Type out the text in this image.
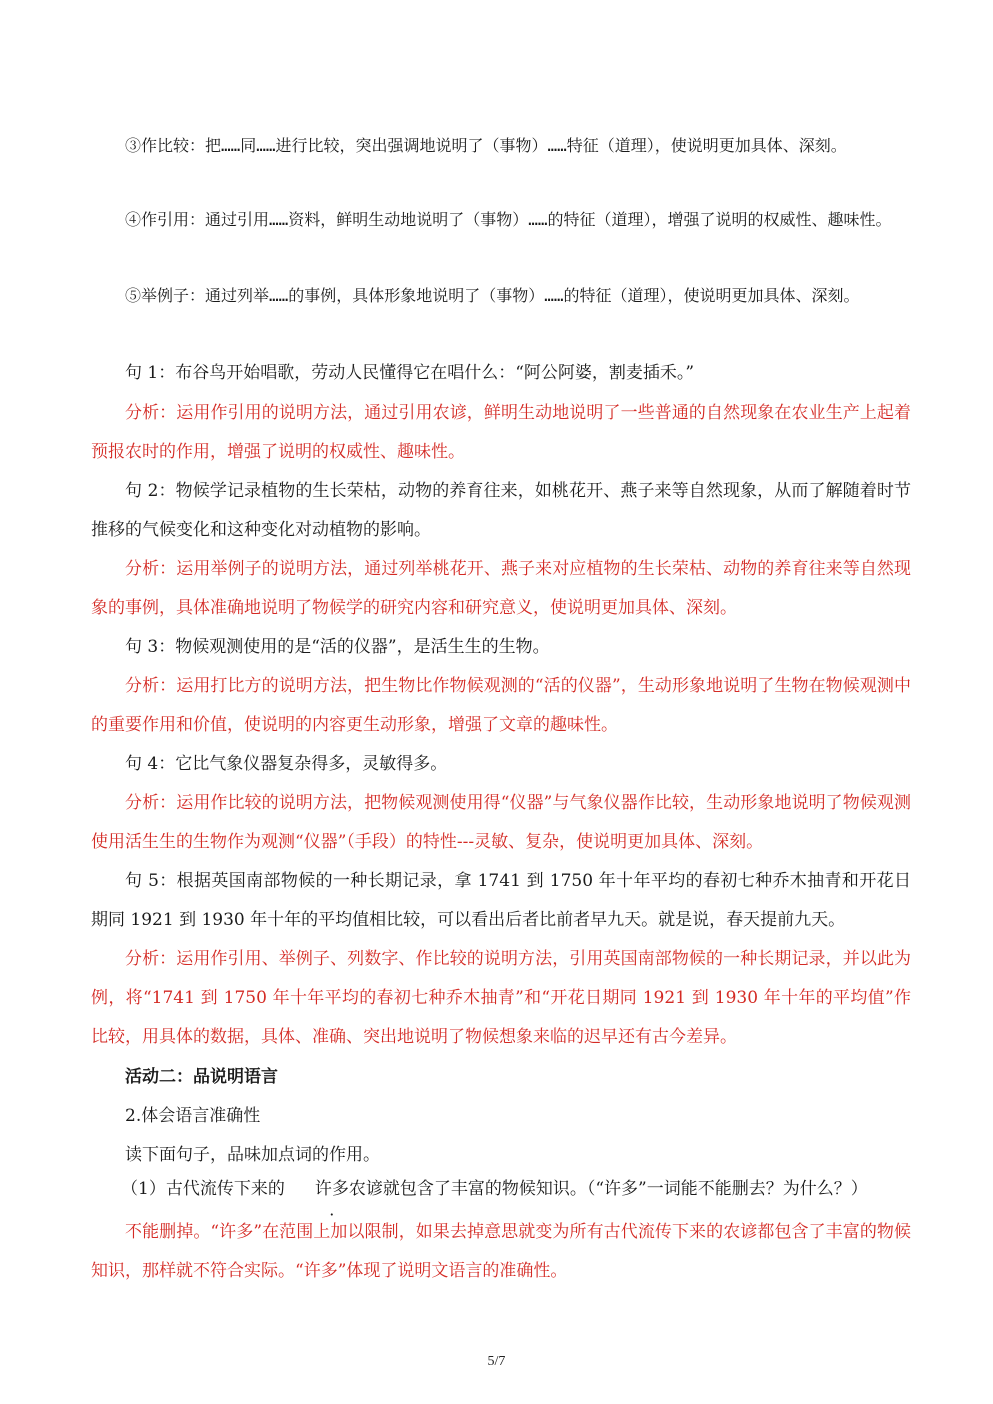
③作比较：把……同……进行比较，突出强调地说明了（事物）……特征（道理），使说明更加具体、深刻。

④作引用：通过引用……资料，鲜明生动地说明了（事物）……的特征（道理），增强了说明的权威性、趣味性。

⑤举例子：通过列举……的事例，具体形象地说明了（事物）……的特征（道理），使说明更加具体、深刻。

句 1：布谷鸟开始唱歌，劳动人民懂得它在唱什么：“阿公阿婆，割麦插禾。”

分析：运用作引用的说明方法，通过引用农谚，鲜明生动地说明了一些普通的自然现象在农业生产上起着预报农时的作用，增强了说明的权威性、趣味性。

句 2：物候学记录植物的生长荣枯，动物的养育往来，如桃花开、燕子来等自然现象，从而了解随着时节推移的气候变化和这种变化对动植物的影响。

分析：运用举例子的说明方法，通过列举桃花开、燕子来对应植物的生长荣枯、动物的养育往来等自然现象的事例，具体准确地说明了物候学的研究内容和研究意义，使说明更加具体、深刻。

句 3：物候观测使用的是“活的仪器”，是活生生的生物。

分析：运用打比方的说明方法，把生物比作物候观测的“活的仪器”，生动形象地说明了生物在物候观测中的重要作用和价值，使说明的内容更生动形象，增强了文章的趣味性。

句 4：它比气象仪器复杂得多，灵敏得多。

分析：运用作比较的说明方法，把物候观测使用得“仪器”与气象仪器作比较，生动形象地说明了物候观测使用活生生的生物作为观测“仪器”（手段）的特性---灵敏、复杂，使说明更加具体、深刻。

句 5：根据英国南部物候的一种长期记录，拿 1741 到 1750 年十年平均的春初七种乔木抽青和开花日期同 1921 到 1930 年十年的平均值相比较，可以看出后者比前者早九天。就是说，春天提前九天。

分析：运用作引用、举例子、列数字、作比较的说明方法，引用英国南部物候的一种长期记录，并以此为例，将“1741 到 1750 年十年平均的春初七种乔木抽青”和“开花日期同 1921 到 1930 年十年的平均值”作比较，用具体的数据，具体、准确、突出地说明了物候想象来临的迟早还有古今差异。

活动二：品说明语言

2.体会语言准确性

读下面句子，品味加点词的作用。

（1）古代流传下来的 许多农谚就包含了丰富的物候知识。（“许多”一词能不能删去？为什么？）

不能删掉。“许多”在范围上加以限制，如果去掉意思就变为所有古代流传下来的农谚都包含了丰富的物候知识，那样就不符合实际。“许多”体现了说明文语言的准确性。

5/7
